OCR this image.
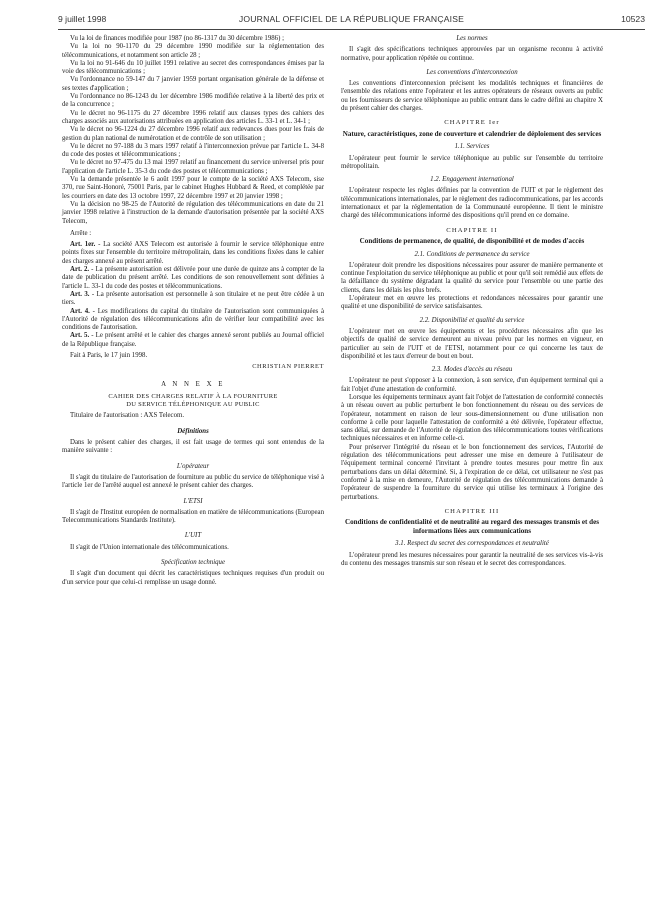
9 juillet 1998	JOURNAL OFFICIEL DE LA RÉPUBLIQUE FRANÇAISE	10523

Vu la loi de finances modifiée pour 1987 (no 86-1317 du 30 décembre 1986) ;

Vu la loi no 90-1170 du 29 décembre 1990 modifiée sur la réglementation des télécommunications, et notamment son article 28 ;

Vu la loi no 91-646 du 10 juillet 1991 relative au secret des correspondances émises par la voie des télécommunications ;

Vu l'ordonnance no 59-147 du 7 janvier 1959 portant organisation générale de la défense et ses textes d'application ;

Vu l'ordonnance no 86-1243 du 1er décembre 1986 modifiée relative à la liberté des prix et de la concurrence ;

Vu le décret no 96-1175 du 27 décembre 1996 relatif aux clauses types des cahiers des charges associés aux autorisations attribuées en application des articles L. 33-1 et L. 34-1 ;

Vu le décret no 96-1224 du 27 décembre 1996 relatif aux redevances dues pour les frais de gestion du plan national de numérotation et de contrôle de son utilisation ;

Vu le décret no 97-188 du 3 mars 1997 relatif à l'interconnexion prévue par l'article L. 34-8 du code des postes et télécommunications ;

Vu le décret no 97-475 du 13 mai 1997 relatif au financement du service universel pris pour l'application de l'article L. 35-3 du code des postes et télécommunications ;

Vu la demande présentée le 6 août 1997 pour le compte de la société AXS Telecom, sise 370, rue Saint-Honoré, 75001 Paris, par le cabinet Hughes Hubbard & Reed, et complétée par les courriers en date des 13 octobre 1997, 22 décembre 1997 et 20 janvier 1998 ;

Vu la décision no 98-25 de l'Autorité de régulation des télécommunications en date du 21 janvier 1998 relative à l'instruction de la demande d'autorisation présentée par la société AXS Telecom,

Arrête :

Art. 1er. - La société AXS Telecom est autorisée à fournir le service téléphonique entre points fixes sur l'ensemble du territoire métropolitain, dans les conditions fixées dans le cahier des charges annexé au présent arrêté.

Art. 2. - La présente autorisation est délivrée pour une durée de quinze ans à compter de la date de publication du présent arrêté. Les conditions de son renouvellement sont définies à l'article L. 33-1 du code des postes et télécommunications.

Art. 3. - La présente autorisation est personnelle à son titulaire et ne peut être cédée à un tiers.

Art. 4. - Les modifications du capital du titulaire de l'autorisation sont communiquées à l'Autorité de régulation des télécommunications afin de vérifier leur compatibilité avec les conditions de l'autorisation.

Art. 5. - Le présent arrêté et le cahier des charges annexé seront publiés au Journal officiel de la République française.

Fait à Paris, le 17 juin 1998.

CHRISTIAN PIERRET
A N N E X E
CAHIER DES CHARGES RELATIF À LA FOURNITURE
DU SERVICE TÉLÉPHONIQUE AU PUBLIC

Titulaire de l'autorisation : AXS Telecom.

Définitions

Dans le présent cahier des charges, il est fait usage de termes qui sont entendus de la manière suivante :

L'opérateur

Il s'agit du titulaire de l'autorisation de fourniture au public du service de téléphonique visé à l'article 1er de l'arrêté auquel est annexé le présent cahier des charges.

L'ETSI

Il s'agit de l'Institut européen de normalisation en matière de télécommunications (European Telecommunications Standards Institute).

L'UIT

Il s'agit de l'Union internationale des télécommunications.

Spécification technique

Il s'agit d'un document qui décrit les caractéristiques techniques requises d'un produit ou d'un service pour que celui-ci remplisse un usage donné.

Les normes

Il s'agit des spécifications techniques approuvées par un organisme reconnu à activité normative, pour application répétée ou continue.

Les conventions d'interconnexion

Les conventions d'interconnexion précisent les modalités techniques et financières de l'ensemble des relations entre l'opérateur et les autres opérateurs de réseaux ouverts au public ou les fournisseurs de service téléphonique au public entrant dans le cadre défini au chapitre X du présent cahier des charges.

CHAPITRE Ier
Nature, caractéristiques, zone de couverture et calendrier de déploiement des services
1.1. Services

L'opérateur peut fournir le service téléphonique au public sur l'ensemble du territoire métropolitain.

1.2. Engagement international

L'opérateur respecte les règles définies par la convention de l'UIT et par le règlement des télécommunications internationales, par le règlement des radiocommunications, par les accords internationaux et par la réglementation de la Communauté européenne. Il tient le ministre chargé des télécommunications informé des dispositions qu'il prend en ce domaine.

CHAPITRE II
Conditions de permanence, de qualité, de disponibilité et de modes d'accès
2.1. Conditions de permanence du service

L'opérateur doit prendre les dispositions nécessaires pour assurer de manière permanente et continue l'exploitation du service téléphonique au public et pour qu'il soit remédié aux effets de la défaillance du système dégradant la qualité du service pour l'ensemble ou une partie des clients, dans les délais les plus brefs.

L'opérateur met en œuvre les protections et redondances nécessaires pour garantir une qualité et une disponibilité de service satisfaisantes.

2.2. Disponibilité et qualité du service

L'opérateur met en œuvre les équipements et les procédures nécessaires afin que les objectifs de qualité de service demeurent au niveau prévu par les normes en vigueur, en particulier au sein de l'UIT et de l'ETSI, notamment pour ce qui concerne les taux de disponibilité et les taux d'erreur de bout en bout.

2.3. Modes d'accès au réseau

L'opérateur ne peut s'opposer à la connexion, à son service, d'un équipement terminal qui a fait l'objet d'une attestation de conformité.

Lorsque les équipements terminaux ayant fait l'objet de l'attestation de conformité connectés à un réseau ouvert au public perturbent le bon fonctionnement du réseau ou des services de l'opérateur, notamment en raison de leur sous-dimensionnement ou d'une utilisation non conforme à celle pour laquelle l'attestation de conformité a été délivrée, l'opérateur effectue, sans délai, sur demande de l'Autorité de régulation des télécommunications toutes vérifications techniques nécessaires et en informe celle-ci.

Pour préserver l'intégrité du réseau et le bon fonctionnement des services, l'Autorité de régulation des télécommunications peut adresser une mise en demeure à l'utilisateur de l'équipement terminal concerné l'invitant à prendre toutes mesures pour mettre fin aux perturbations dans un délai déterminé. Si, à l'expiration de ce délai, cet utilisateur ne s'est pas conformé à la mise en demeure, l'Autorité de régulation des télécommunications demande à l'opérateur de suspendre la fourniture du service qui utilise les terminaux à l'origine des perturbations.

CHAPITRE III
Conditions de confidentialité et de neutralité au regard des messages transmis et des informations liées aux communications
3.1. Respect du secret des correspondances et neutralité

L'opérateur prend les mesures nécessaires pour garantir la neutralité de ses services vis-à-vis du contenu des messages transmis sur son réseau et le secret des correspondances.
